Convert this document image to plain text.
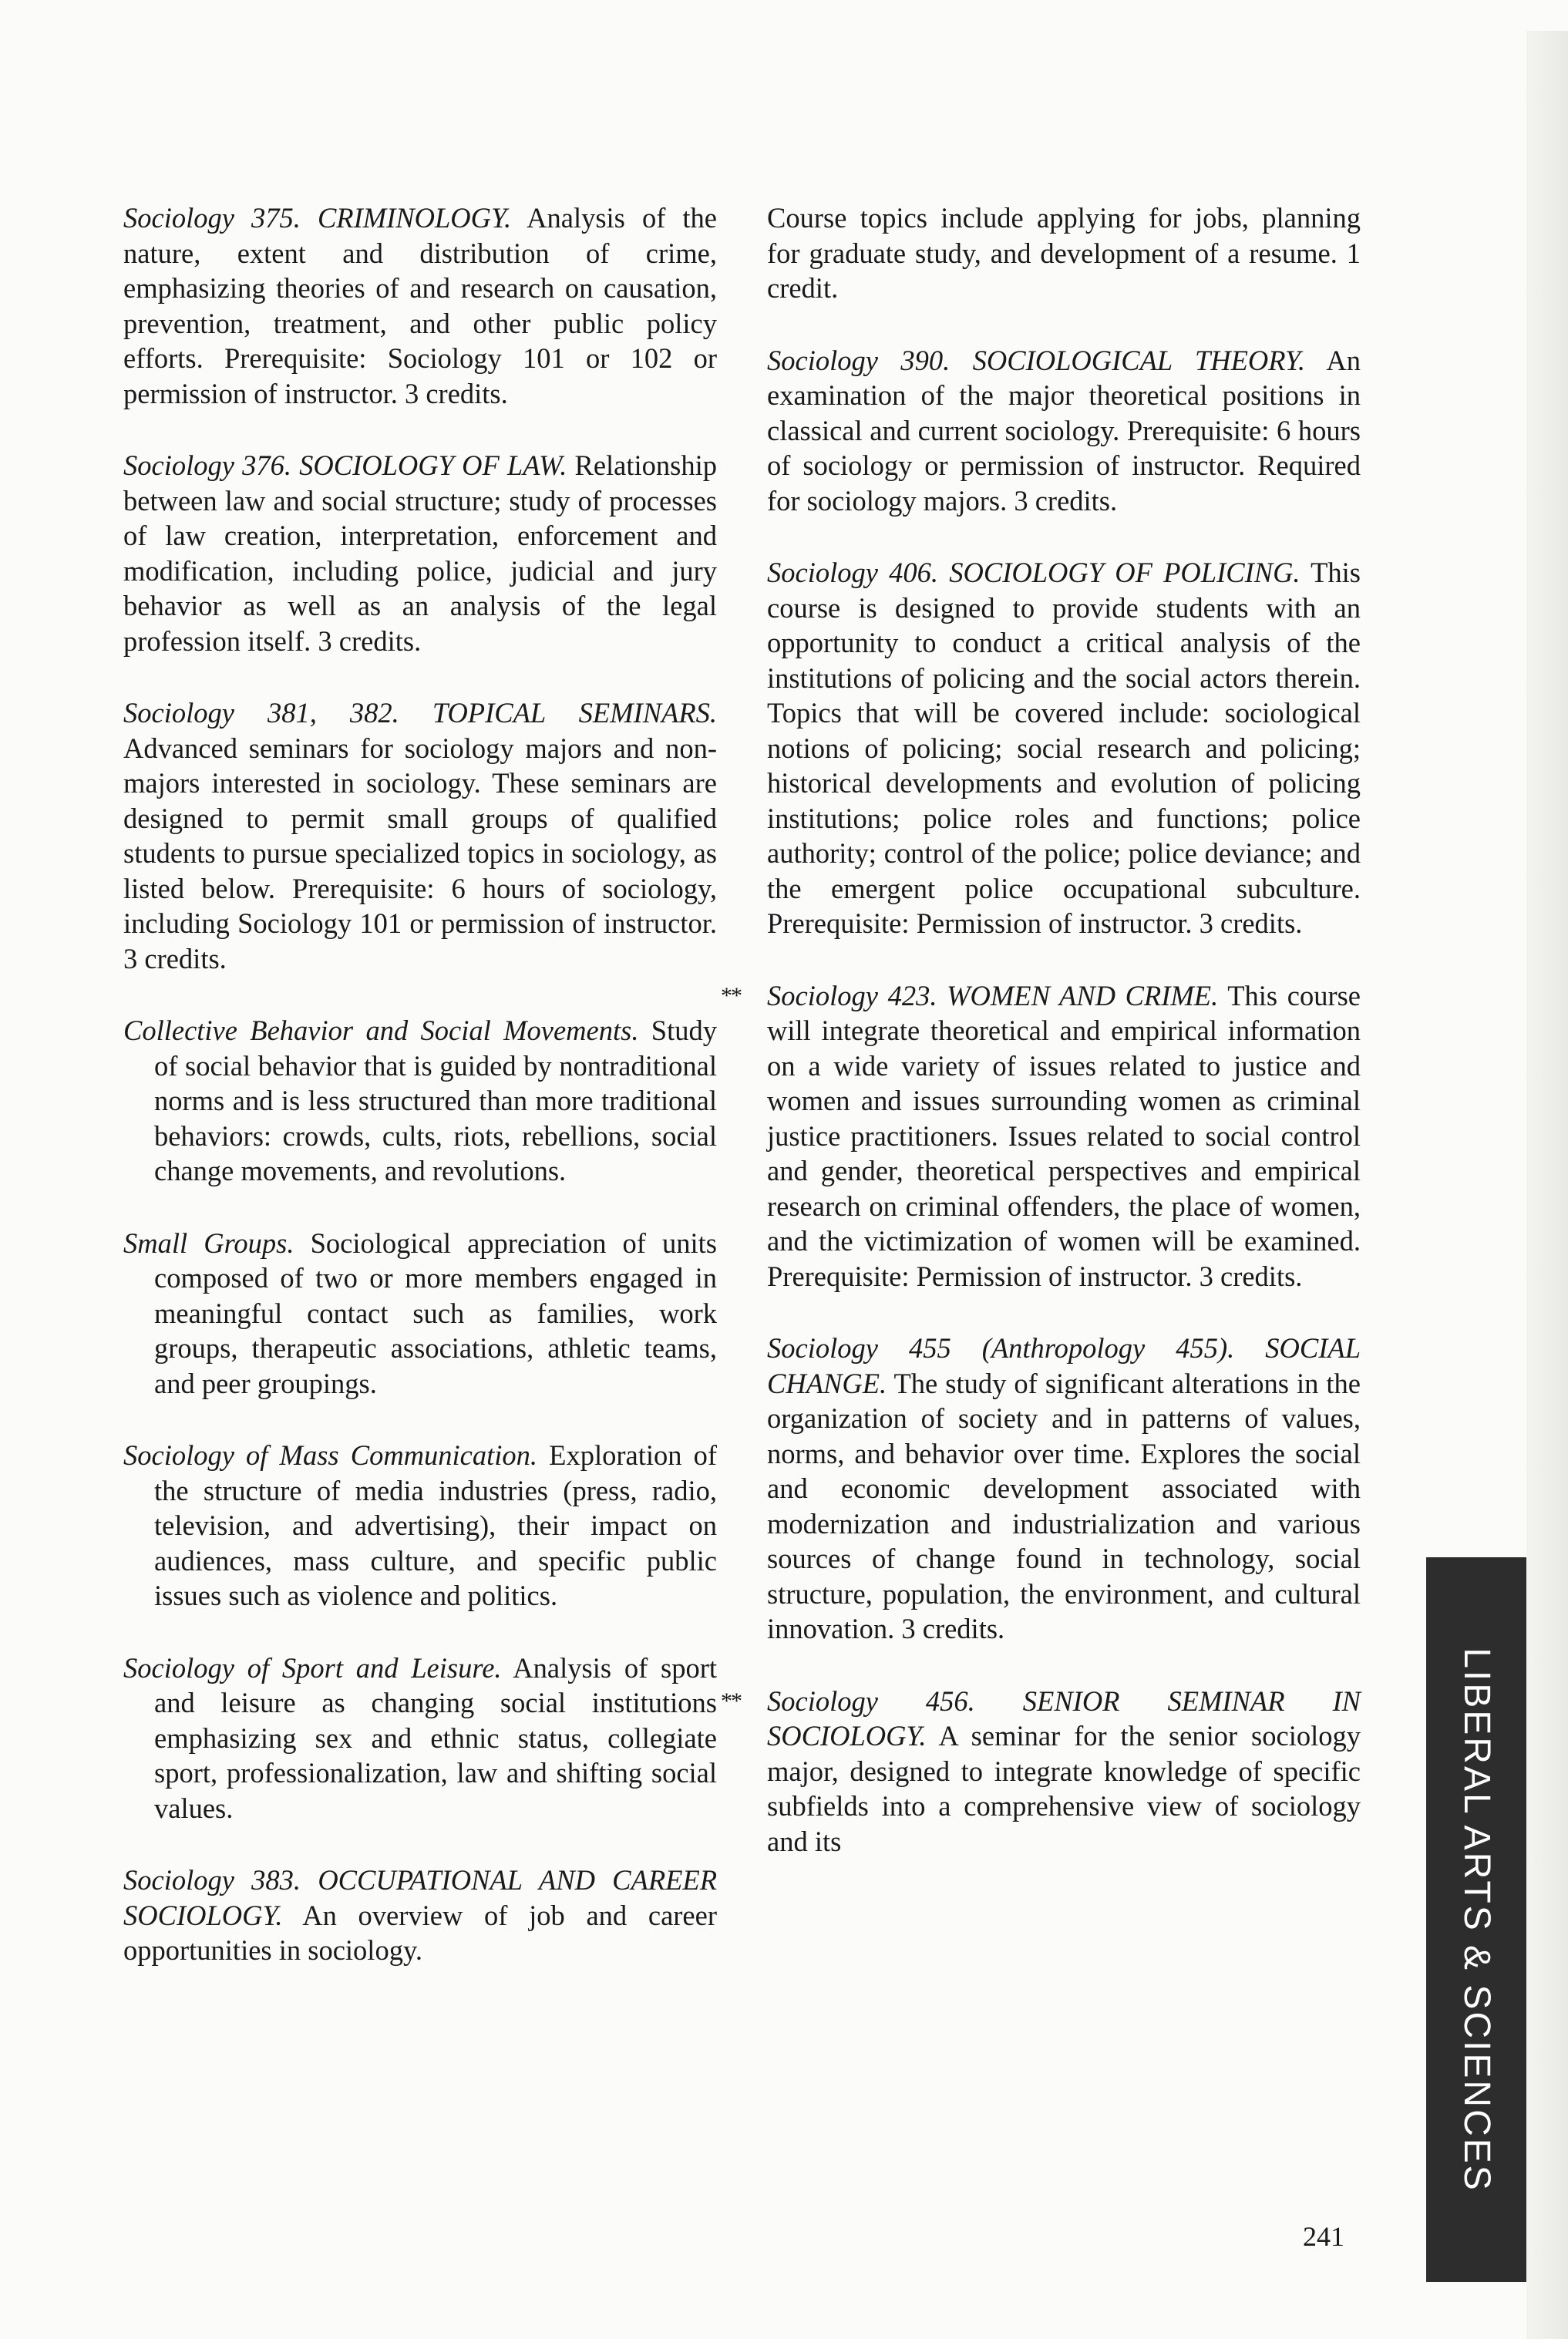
Sociology 375. CRIMINOLOGY. Analysis of the nature, extent and distribution of crime, emphasizing theories of and research on causation, prevention, treatment, and other public policy efforts. Prerequisite: Sociology 101 or 102 or permission of instructor. 3 credits.

Sociology 376. SOCIOLOGY OF LAW. Relationship between law and social structure; study of processes of law creation, interpretation, enforcement and modification, including police, judicial and jury behavior as well as an analysis of the legal profession itself. 3 credits.

Sociology 381, 382. TOPICAL SEMINARS. Advanced seminars for sociology majors and non-majors interested in sociology. These seminars are designed to permit small groups of qualified students to pursue specialized topics in sociology, as listed below. Prerequisite: 6 hours of sociology, including Sociology 101 or permission of instructor. 3 credits.

Collective Behavior and Social Movements. Study of social behavior that is guided by nontraditional norms and is less structured than more traditional behaviors: crowds, cults, riots, rebellions, social change movements, and revolutions.

Small Groups. Sociological appreciation of units composed of two or more members engaged in meaningful contact such as families, work groups, therapeutic associations, athletic teams, and peer groupings.

Sociology of Mass Communication. Exploration of the structure of media industries (press, radio, television, and advertising), their impact on audiences, mass culture, and specific public issues such as violence and politics.

Sociology of Sport and Leisure. Analysis of sport and leisure as changing social institutions emphasizing sex and ethnic status, collegiate sport, professionalization, law and shifting social values.

Sociology 383. OCCUPATIONAL AND CAREER SOCIOLOGY. An overview of job and career opportunities in sociology.

Course topics include applying for jobs, planning for graduate study, and development of a resume. 1 credit.

Sociology 390. SOCIOLOGICAL THEORY. An examination of the major theoretical positions in classical and current sociology. Prerequisite: 6 hours of sociology or permission of instructor. Required for sociology majors. 3 credits.

Sociology 406. SOCIOLOGY OF POLICING. This course is designed to provide students with an opportunity to conduct a critical analysis of the institutions of policing and the social actors therein. Topics that will be covered include: sociological notions of policing; social research and policing; historical developments and evolution of policing institutions; police roles and functions; police authority; control of the police; police deviance; and the emergent police occupational subculture. Prerequisite: Permission of instructor. 3 credits.

** Sociology 423. WOMEN AND CRIME. This course will integrate theoretical and empirical information on a wide variety of issues related to justice and women and issues surrounding women as criminal justice practitioners. Issues related to social control and gender, theoretical perspectives and empirical research on criminal offenders, the place of women, and the victimization of women will be examined. Prerequisite: Permission of instructor. 3 credits.

Sociology 455 (Anthropology 455). SOCIAL CHANGE. The study of significant alterations in the organization of society and in patterns of values, norms, and behavior over time. Explores the social and economic development associated with modernization and industrialization and various sources of change found in technology, social structure, population, the environment, and cultural innovation. 3 credits.

** Sociology 456. SENIOR SEMINAR IN SOCIOLOGY. A seminar for the senior sociology major, designed to integrate knowledge of specific subfields into a comprehensive view of sociology and its	LIBERAL ARTS & SCIENCES
241
